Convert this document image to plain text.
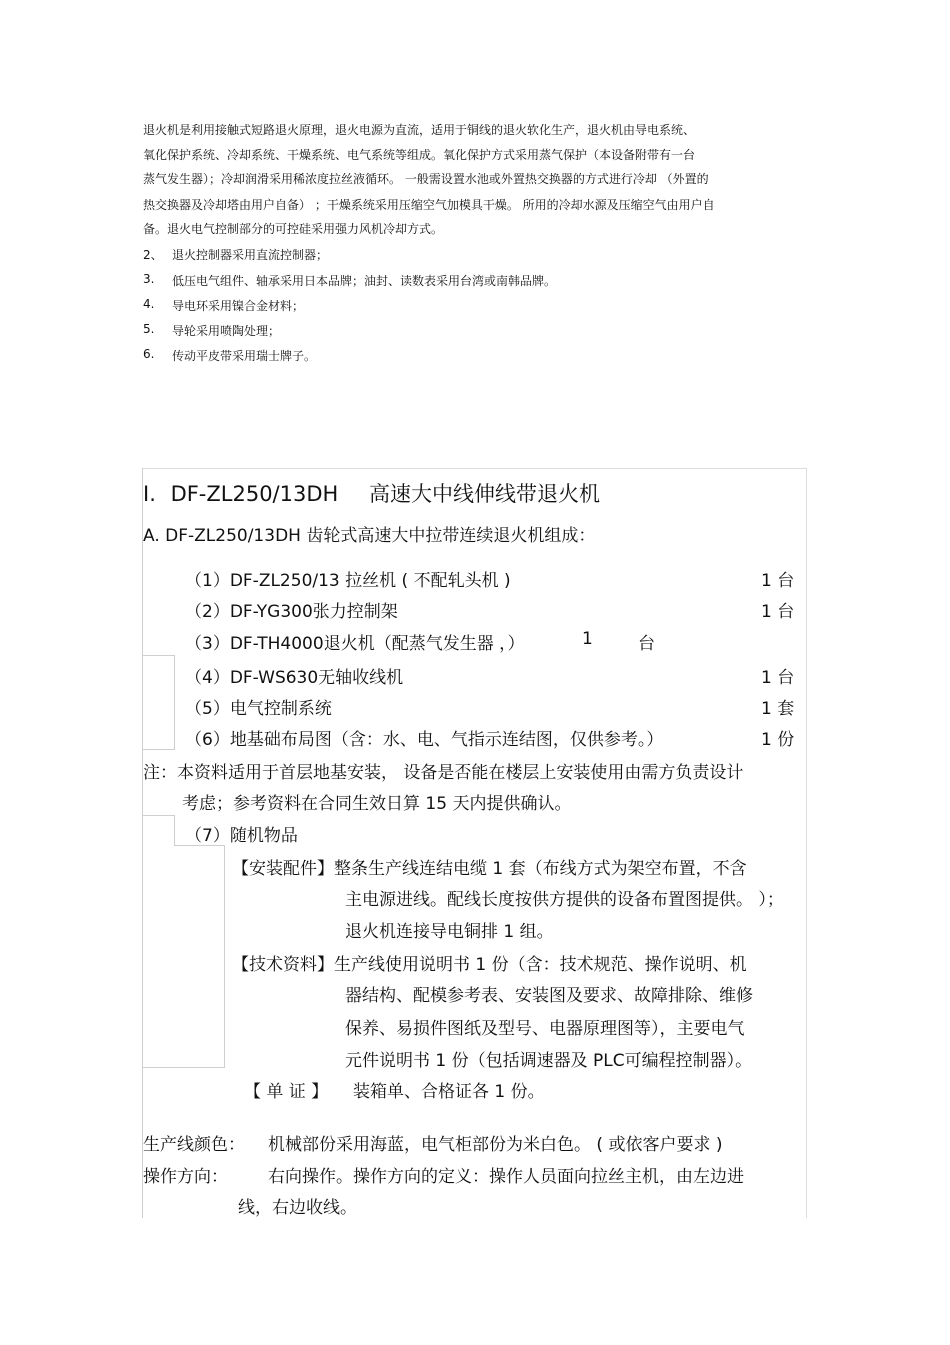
退火机是利用接触式短路退火原理，退火电源为直流，适用于铜线的退火软化生产，退火机由导电系统、
氧化保护系统、冷却系统、干燥系统、电气系统等组成。氧化保护方式采用蒸气保护（本设备附带有一台
蒸气发生器）；冷却润滑采用稀浓度拉丝液循环。 一般需设置水池或外置热交换器的方式进行冷却 （外置的
热交换器及冷却塔由用户自备） ；干燥系统采用压缩空气加模具干燥。 所用的冷却水源及压缩空气由用户自
备。退火电气控制部分的可控硅采用强力风机冷却方式。
2、 退火控制器采用直流控制器；
3. 低压电气组件、轴承采用日本品牌；油封、读数表采用台湾或南韩品牌。
4. 导电环采用镍合金材料；
5. 导轮采用喷陶处理；
6. 传动平皮带采用瑞士牌子。
I. DF-ZL250/13DH 高速大中线伸线带退火机
A. DF-ZL250/13DH 齿轮式高速大中拉带连续退火机组成：
（1）DF-ZL250/13 拉丝机 ( 不配轧头机 )	1 台
（2）DF-YG300张力控制架	1 台
（3）DF-TH4000退火机（配蒸气发生器 ，）	1	台
（4）DF-WS630无轴收线机	1 台
（5）电气控制系统	1 套
（6）地基础布局图（含：水、电、气指示连结图，仅供参考。）	1 份
注：本资料适用于首层地基安装， 设备是否能在楼层上安装使用由需方负责设计
考虑；参考资料在合同生效日算 15 天内提供确认。
（7）随机物品
【安装配件】 整条生产线连结电缆 1 套（布线方式为架空布置，不含
主电源进线。配线长度按供方提供的设备布置图提供。 ）；
退火机连接导电铜排 1 组。
【技术资料】 生产线使用说明书 1 份（含：技术规范、操作说明、机
器结构、配模参考表、安装图及要求、故障排除、维修
保养、易损件图纸及型号、电器原理图等），主要电气
元件说明书 1 份（包括调速器及 PLC可编程控制器）。
【 单 证 】 装箱单、合格证各 1 份。
生产线颜色： 机械部份采用海蓝，电气柜部份为米白色。 ( 或依客户要求 )
操作方向： 右向操作。操作方向的定义：操作人员面向拉丝主机，由左边进
线，右边收线。
